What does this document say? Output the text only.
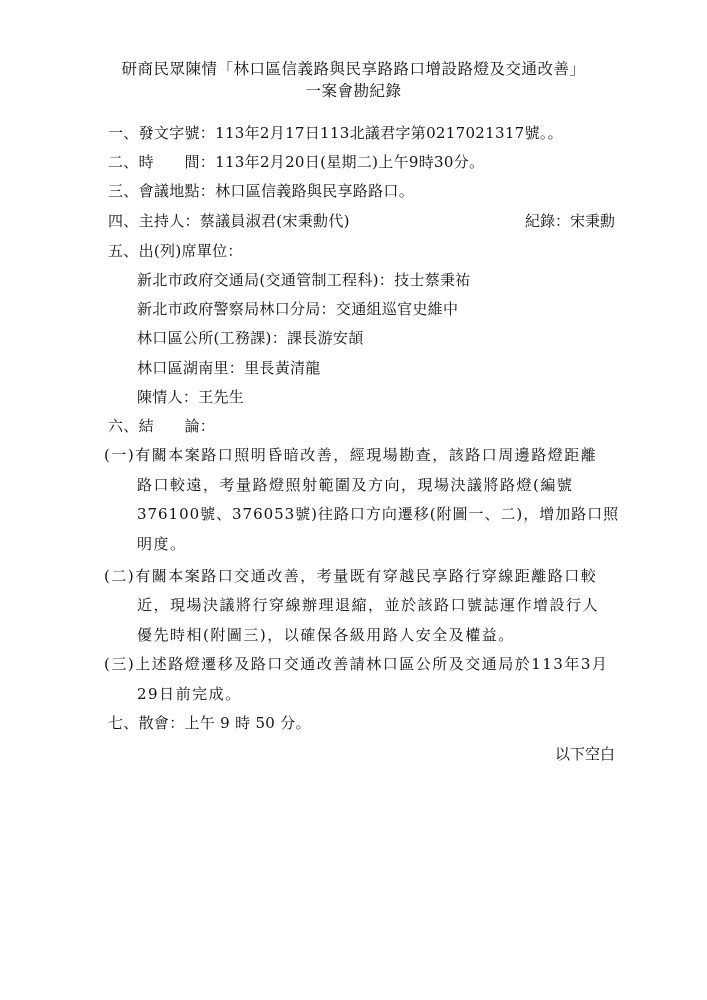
研商民眾陳情「林口區信義路與民享路路口增設路燈及交通改善」
一案會勘紀錄
一、發文字號：113年2月17日113北議君字第0217021317號。。
二、時　　間：113年2月20日(星期二)上午9時30分。
三、會議地點：林口區信義路與民享路路口。
四、主持人：蔡議員淑君(宋秉勳代)	紀錄：宋秉勳
五、出(列)席單位：
新北市政府交通局(交通管制工程科)：技士蔡秉祐
新北市政府警察局林口分局：交通組巡官史維中
林口區公所(工務課)：課長游安頡
林口區湖南里：里長黃清龍
陳情人：王先生
六、結　　論：
(一)有關本案路口照明昏暗改善，經現場勘查，該路口周邊路燈距離
路口較遠，考量路燈照射範圍及方向，現場決議將路燈(編號
376100號、376053號)往路口方向遷移(附圖一、二)，增加路口照
明度。
(二)有關本案路口交通改善，考量既有穿越民享路行穿線距離路口較
近，現場決議將行穿線辦理退縮，並於該路口號誌運作增設行人
優先時相(附圖三)，以確保各級用路人安全及權益。
(三)上述路燈遷移及路口交通改善請林口區公所及交通局於113年3月
29日前完成。
七、散會：上午 9 時 50 分。
以下空白
